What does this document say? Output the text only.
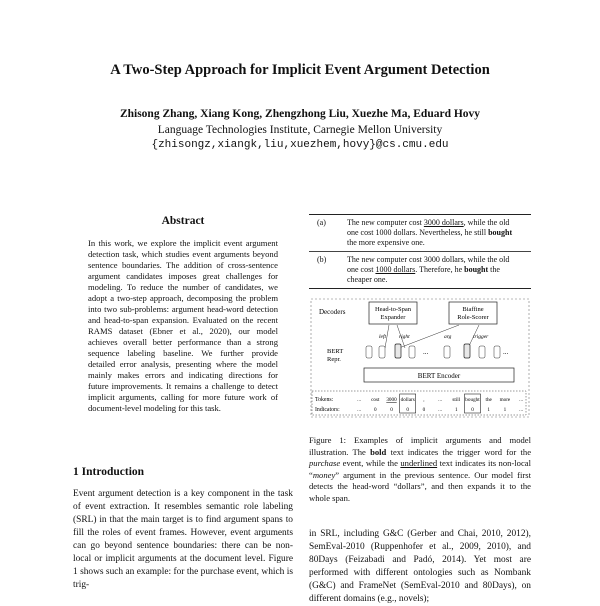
A Two-Step Approach for Implicit Event Argument Detection
Zhisong Zhang, Xiang Kong, Zhengzhong Liu, Xuezhe Ma, Eduard Hovy
Language Technologies Institute, Carnegie Mellon University
{zhisongz,xiangk,liu,xuezhem,hovy}@cs.cmu.edu
Abstract
In this work, we explore the implicit event argument detection task, which studies event arguments beyond sentence boundaries. The addition of cross-sentence argument candidates imposes great challenges for modeling. To reduce the number of candidates, we adopt a two-step approach, decomposing the problem into two sub-problems: argument head-word detection and head-to-span expansion. Evaluated on the recent RAMS dataset (Ebner et al., 2020), our model achieves overall better performance than a strong sequence labeling baseline. We further provide detailed error analysis, presenting where the model mainly makes errors and indicating directions for future improvements. It remains a challenge to detect implicit arguments, calling for more future work of document-level modeling for this task.
1 Introduction
Event argument detection is a key component in the task of event extraction. It resembles semantic role labeling (SRL) in that the main target is to find argument spans to fill the roles of event frames. However, event arguments can go beyond sentence boundaries: there can be non-local or implicit arguments at the document level. Figure 1 shows such an example: for the purchase event, which is trig-
(a)	The new computer cost 3000 dollars, while the old one cost 1000 dollars. Nevertheless, he still bought the more expensive one.
(b)	The new computer cost 3000 dollars, while the old one cost 1000 dollars. Therefore, he bought the cheaper one.
Decoders
BERT
Repr.
Head-to-Span
Expander
Biaffine
Role-Scorer
left right	arg	trigger
...	...
BERT Encoder
Tokens:
Indicators:
... cost 3000 dollars ,	... still bought the more ...
... 0	0	0	0 ... 1	0	1	1 ...
Figure 1: Examples of implicit arguments and model illustration. The bold text indicates the trigger word for the purchase event, while the underlined text indicates its non-local “money” argument in the previous sentence. Our model first detects the head-word “dollars”, and then expands it to the whole span.
in SRL, including G&C (Gerber and Chai, 2010, 2012), SemEval-2010 (Ruppenhofer et al., 2009, 2010), and 80Days (Feizabadi and Padó, 2014). Yet most are performed with different ontologies such as Nombank (G&C) and FrameNet (SemEval-2010 and 80Days), on different domains (e.g., novels);
